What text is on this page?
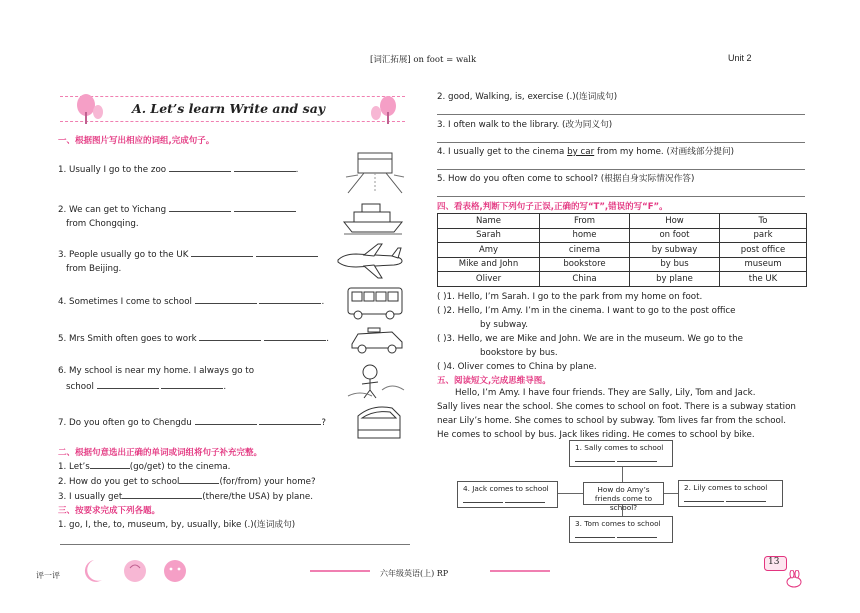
[词汇拓展] on foot = walk	Unit 2
A. Let’s learn Write and say
一、根据图片写出相应的词组,完成句子。
1. Usually I go to the zoo	.
2. We can get to Yichang
from Chongqing.
3. People usually go to the UK
from Beijing.
4. Sometimes I come to school	.
5. Mrs Smith often goes to work	.
6. My school is near my home. I always go to
school	.
7. Do you often go to Chengdu	?
二、根据句意选出正确的单词或词组将句子补充完整。
1. Let’s	(go/get) to the cinema.
2. How do you get to school	(for/from) your home?
3. I usually get	(there/the USA) by plane.
三、按要求完成下列各题。
1. go, I, the, to, museum, by, usually, bike (.)(连词成句)
2. good, Walking, is, exercise (.)(连词成句)
3. I often walk to the library. (改为同义句)
4. I usually get to the cinema by car from my home. (对画线部分提问)
5. How do you often come to school? (根据自身实际情况作答)
四、看表格,判断下列句子正误,正确的写“T”,错误的写“F”。
Name	From	How	To
Sarah	home	on foot	park
Amy	cinema	by subway	post office
Mike and John	bookstore	by bus	museum
Oliver	China	by plane	the UK
( )1. Hello, I’m Sarah. I go to the park from my home on foot.
( )2. Hello, I’m Amy. I’m in the cinema. I want to go to the post office
by subway.
( )3. Hello, we are Mike and John. We are in the museum. We go to the
bookstore by bus.
( )4. Oliver comes to China by plane.
五、阅读短文,完成思维导图。
Hello, I’m Amy. I have four friends. They are Sally, Lily, Tom and Jack.
Sally lives near the school. She comes to school on foot. There is a subway station
near Lily’s home. She comes to school by subway. Tom lives far from the school.
He comes to school by bus. Jack likes riding. He comes to school by bike.
1. Sally comes to school

How do Amy’s friends come to school?
4. Jack comes to school
	2. Lily comes to school

3. Tom comes to school

评一评	六年级英语(上) RP
13
